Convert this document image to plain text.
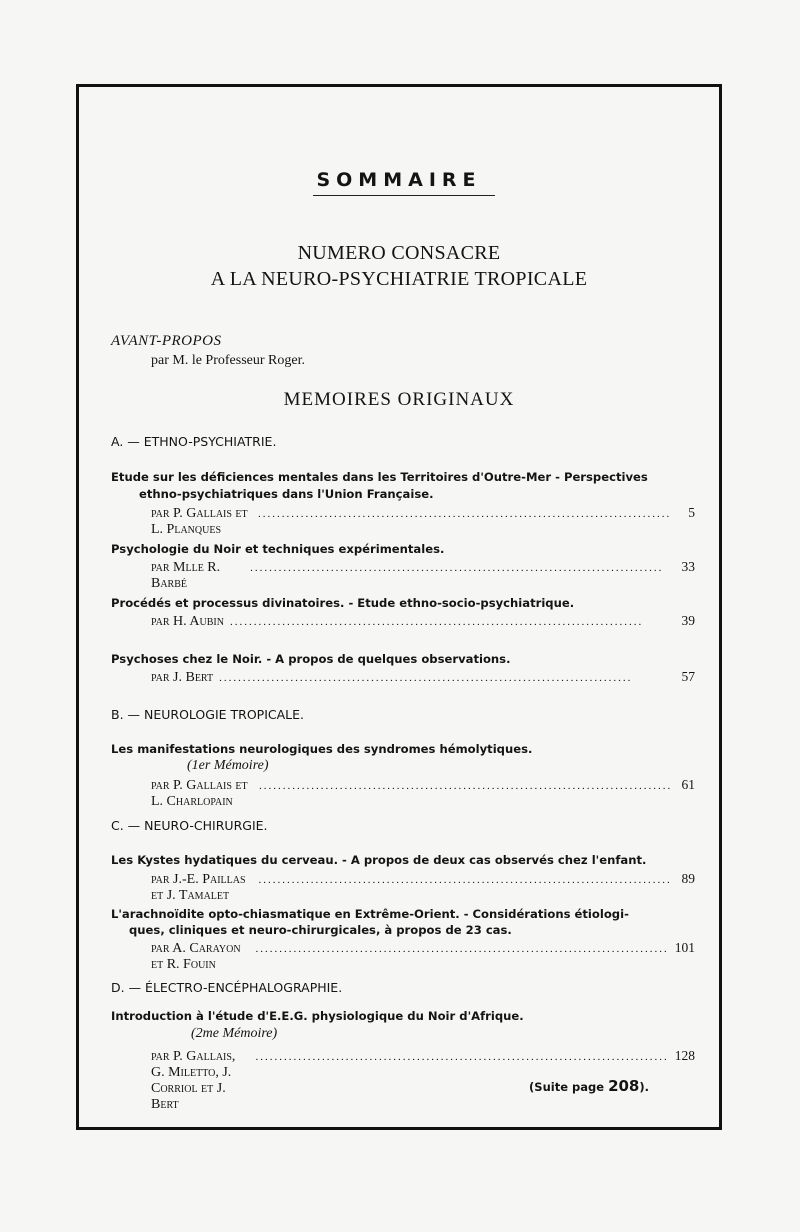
SOMMAIRE
NUMERO CONSACRE
A LA NEURO-PSYCHIATRIE TROPICALE
AVANT-PROPOS
par M. le Professeur Roger.
MEMOIRES ORIGINAUX
A. — ETHNO-PSYCHIATRIE.
Etude sur les déficiences mentales dans les Territoires d'Outre-Mer - Perspectives
ethno-psychiatriques dans l'Union Française.
par P. Gallais et L. Planques
.......................................................................................	5
Psychologie du Noir et techniques expérimentales.
par Mlle R. Barbé
.......................................................................................	33
Procédés et processus divinatoires. - Etude ethno-socio-psychiatrique.
par H. Aubin .......................................................................................	39
Psychoses chez le Noir. - A propos de quelques observations.
par J. Bert .......................................................................................	57
B. — NEUROLOGIE TROPICALE.
Les manifestations neurologiques des syndromes hémolytiques.
(1er Mémoire)
par P. Gallais et L. Charlopain
....................................................................................... 61
C. — NEURO-CHIRURGIE.
Les Kystes hydatiques du cerveau. - A propos de deux cas observés chez l'enfant.
par J.-E. Paillas et J. Tamalet
....................................................................................... 89
L'arachnoïdite opto-chiasmatique en Extrême-Orient. - Considérations étiologi-
ques, cliniques et neuro-chirurgicales, à propos de 23 cas.
par A. Carayon et R. Fouin
....................................................................................... 101
D. — ÉLECTRO-ENCÉPHALOGRAPHIE.
Introduction à l'étude d'E.E.G. physiologique du Noir d'Afrique.
(2me Mémoire)
par P. Gallais, G. Miletto, J. Corriol et J. Bert
....................................................................................... 128
(Suite page 208).
